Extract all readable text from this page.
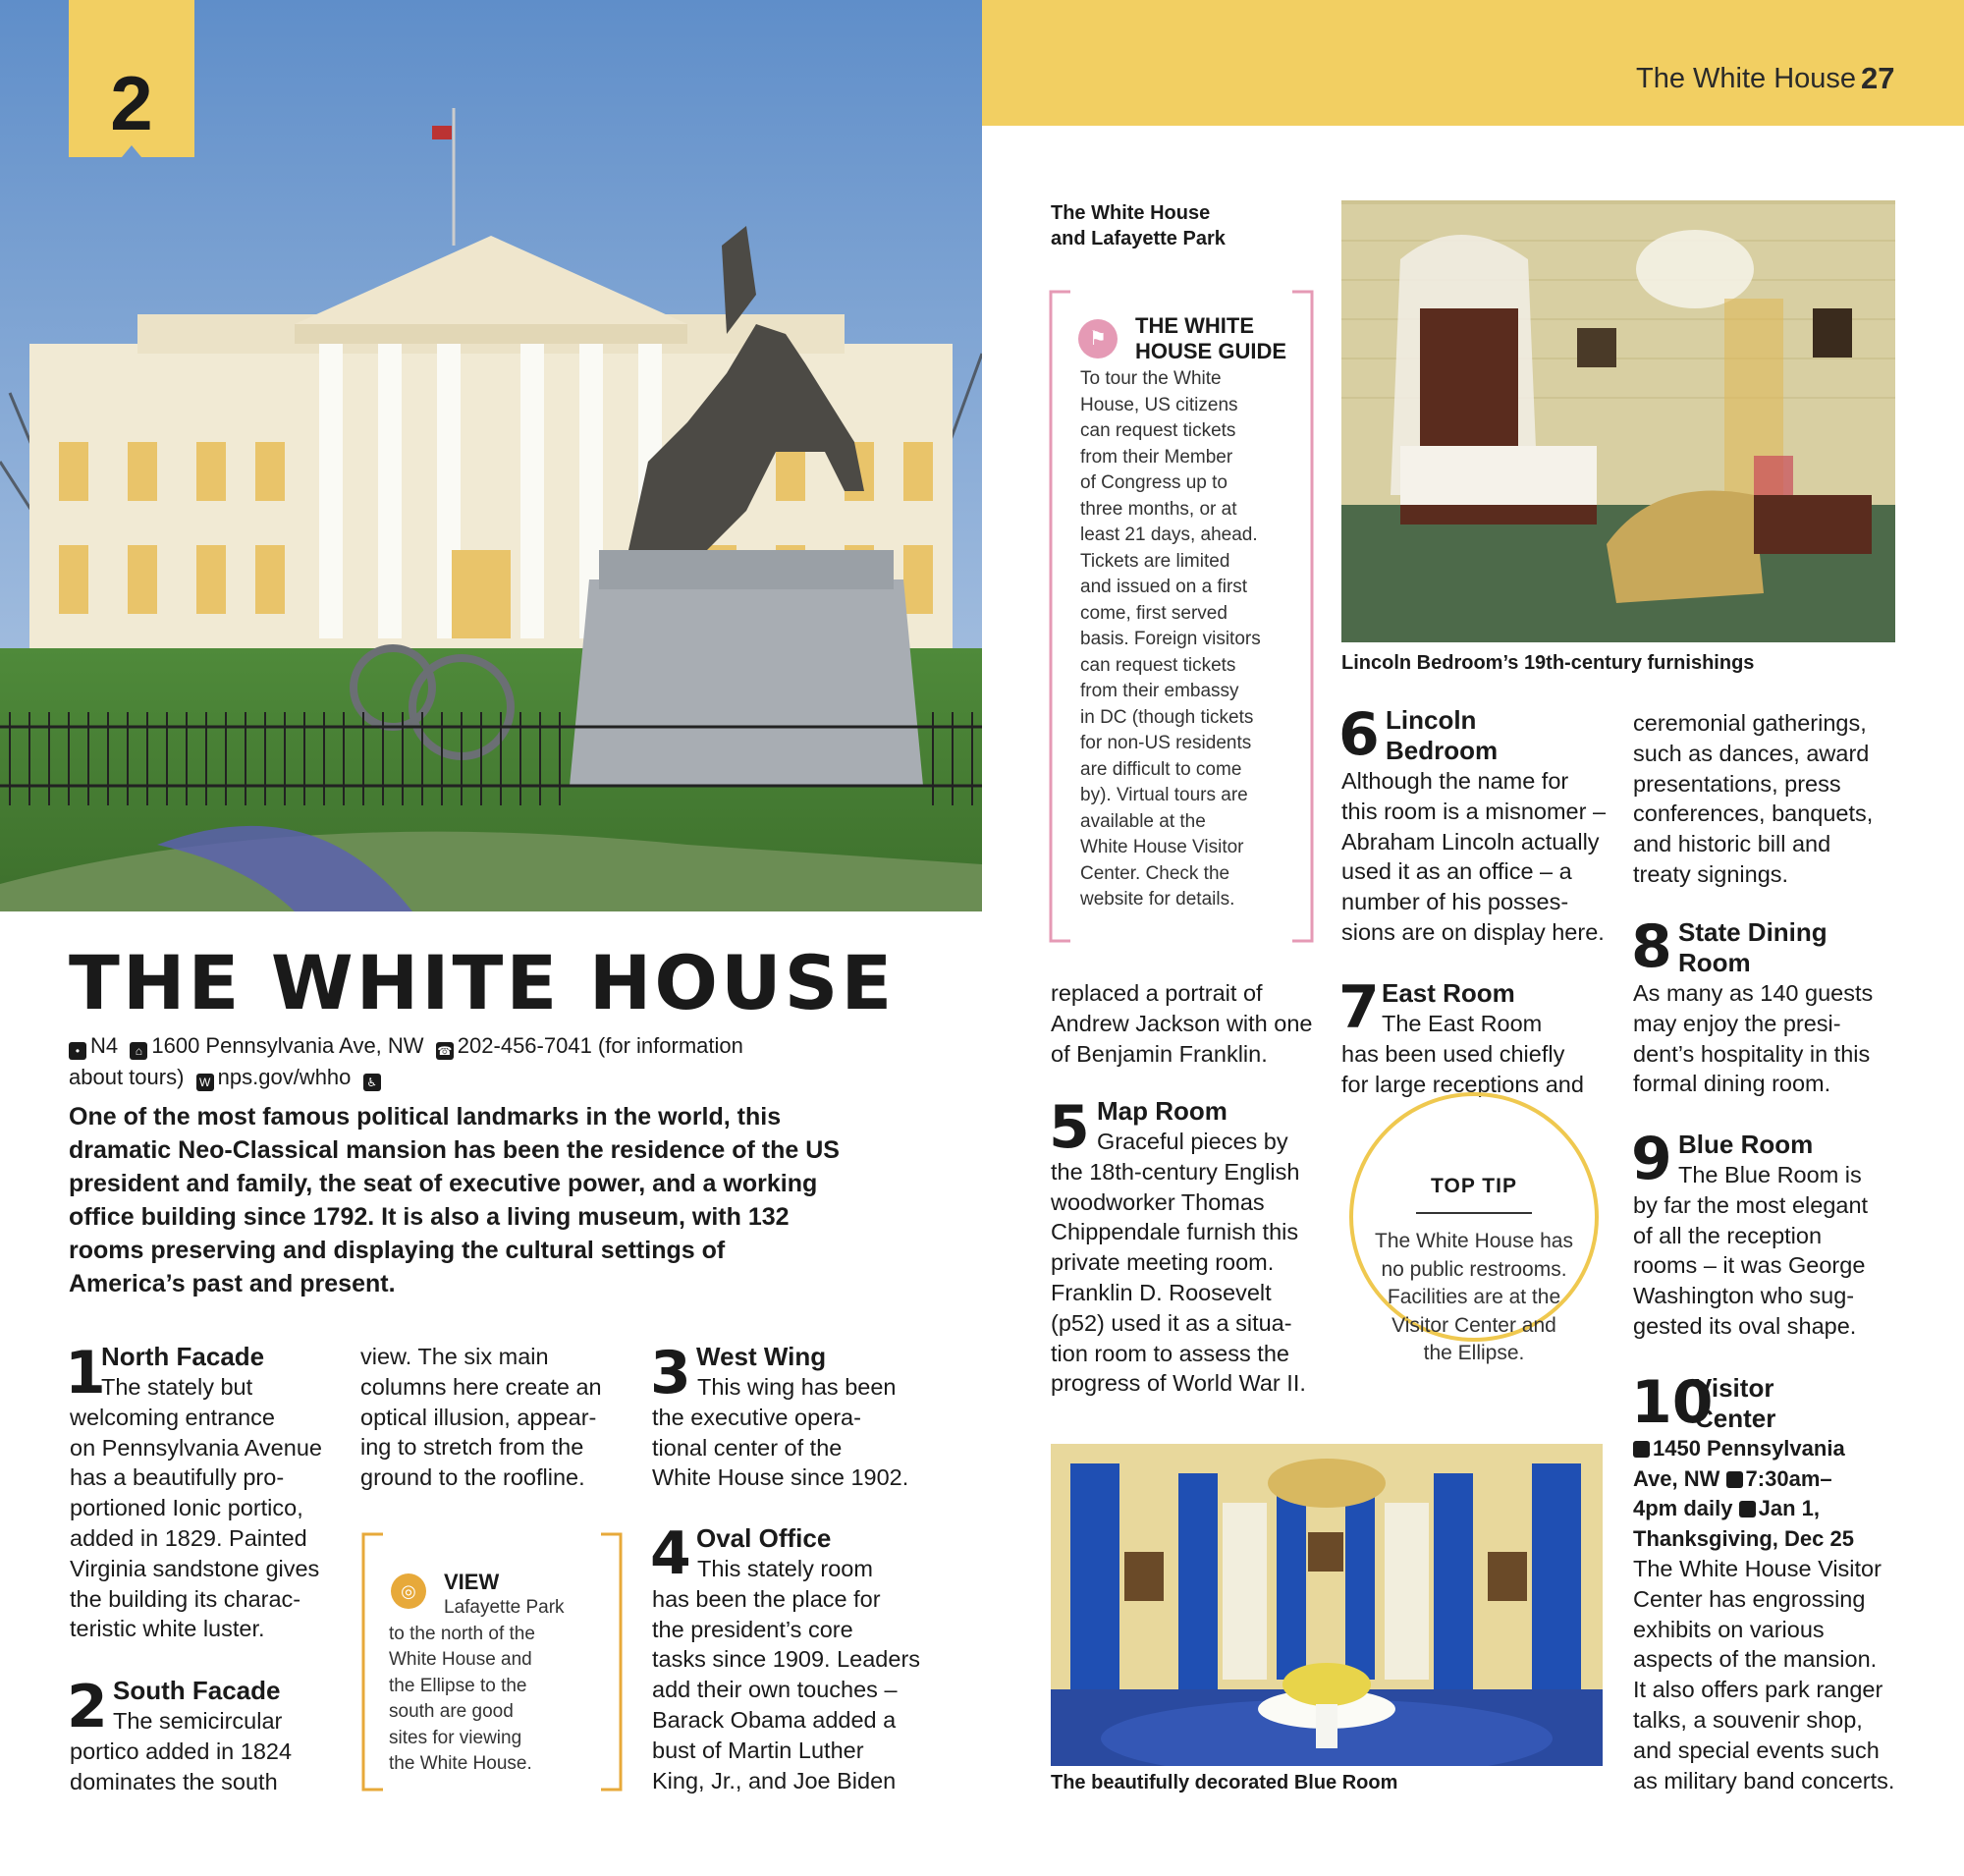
The White House 27
2
THE WHITE HOUSE
• N4 ⌂ 1600 Pennsylvania Ave, NW ☎ 202-456-7041 (for information
about tours) W nps.gov/whho ♿
One of the most famous political landmarks in the world, this dramatic Neo-Classical mansion has been the residence of the US president and family, the seat of executive power, and a working office building since 1792. It is also a living museum, with 132 rooms preserving and displaying the cultural settings of America’s past and present.
1
North Facade
The stately but
welcoming entrance
on Pennsylvania Avenue
has a beautifully pro-
portioned Ionic portico,
added in 1829. Painted
Virginia sandstone gives
the building its charac-
teristic white luster.
2 South Facade
The semicircular
portico added in 1824
dominates the south
view. The six main
columns here create an
optical illusion, appear-
ing to stretch from the
ground to the roofline.
◎	VIEW
Lafayette Park
to the north of the
White House and
the Ellipse to the
south are good
sites for viewing
the White House.
3 West Wing
This wing has been
the executive opera-
tional center of the
White House since 1902.
4 Oval Office
This stately room
has been the place for
the president’s core
tasks since 1909. Leaders
add their own touches –
Barack Obama added a
bust of Martin Luther
King, Jr., and Joe Biden
The White House
and Lafayette Park
⚑
THE WHITE
HOUSE GUIDE
To tour the White
House, US citizens
can request tickets
from their Member
of Congress up to
three months, or at
least 21 days, ahead.
Tickets are limited
and issued on a first
come, first served
basis. Foreign visitors
can request tickets
from their embassy
in DC (though tickets
for non-US residents
are difficult to come
by). Virtual tours are
available at the
White House Visitor
Center. Check the
website for details.
replaced a portrait of
Andrew Jackson with one
of Benjamin Franklin.
5 Map Room
Graceful pieces by
the 18th-century English
woodworker Thomas
Chippendale furnish this
private meeting room.
Franklin D. Roosevelt
(p52) used it as a situa-
tion room to assess the
progress of World War II.
Lincoln Bedroom’s 19th-century furnishings
6 Lincoln
Bedroom
Although the name for
this room is a misnomer –
Abraham Lincoln actually
used it as an office – a
number of his posses-
sions are on display here.
7 East Room
The East Room
has been used chiefly
for large receptions and
ceremonial gatherings,
such as dances, award
presentations, press
conferences, banquets,
and historic bill and
treaty signings.
TOP TIP
The White House has
no public restrooms.
Facilities are at the
Visitor Center and
the Ellipse.
8 State Dining
Room
As many as 140 guests
may enjoy the presi-
dent’s hospitality in this
formal dining room.
9 Blue Room
The Blue Room is
by far the most elegant
of all the reception
rooms – it was George
Washington who sug-
gested its oval shape.
10
Visitor
Center
1450 Pennsylvania
Ave, NW 7:30am–
4pm daily Jan 1,
Thanksgiving, Dec 25
The White House Visitor
Center has engrossing
exhibits on various
aspects of the mansion.
It also offers park ranger
talks, a souvenir shop,
and special events such
as military band concerts.
The beautifully decorated Blue Room
